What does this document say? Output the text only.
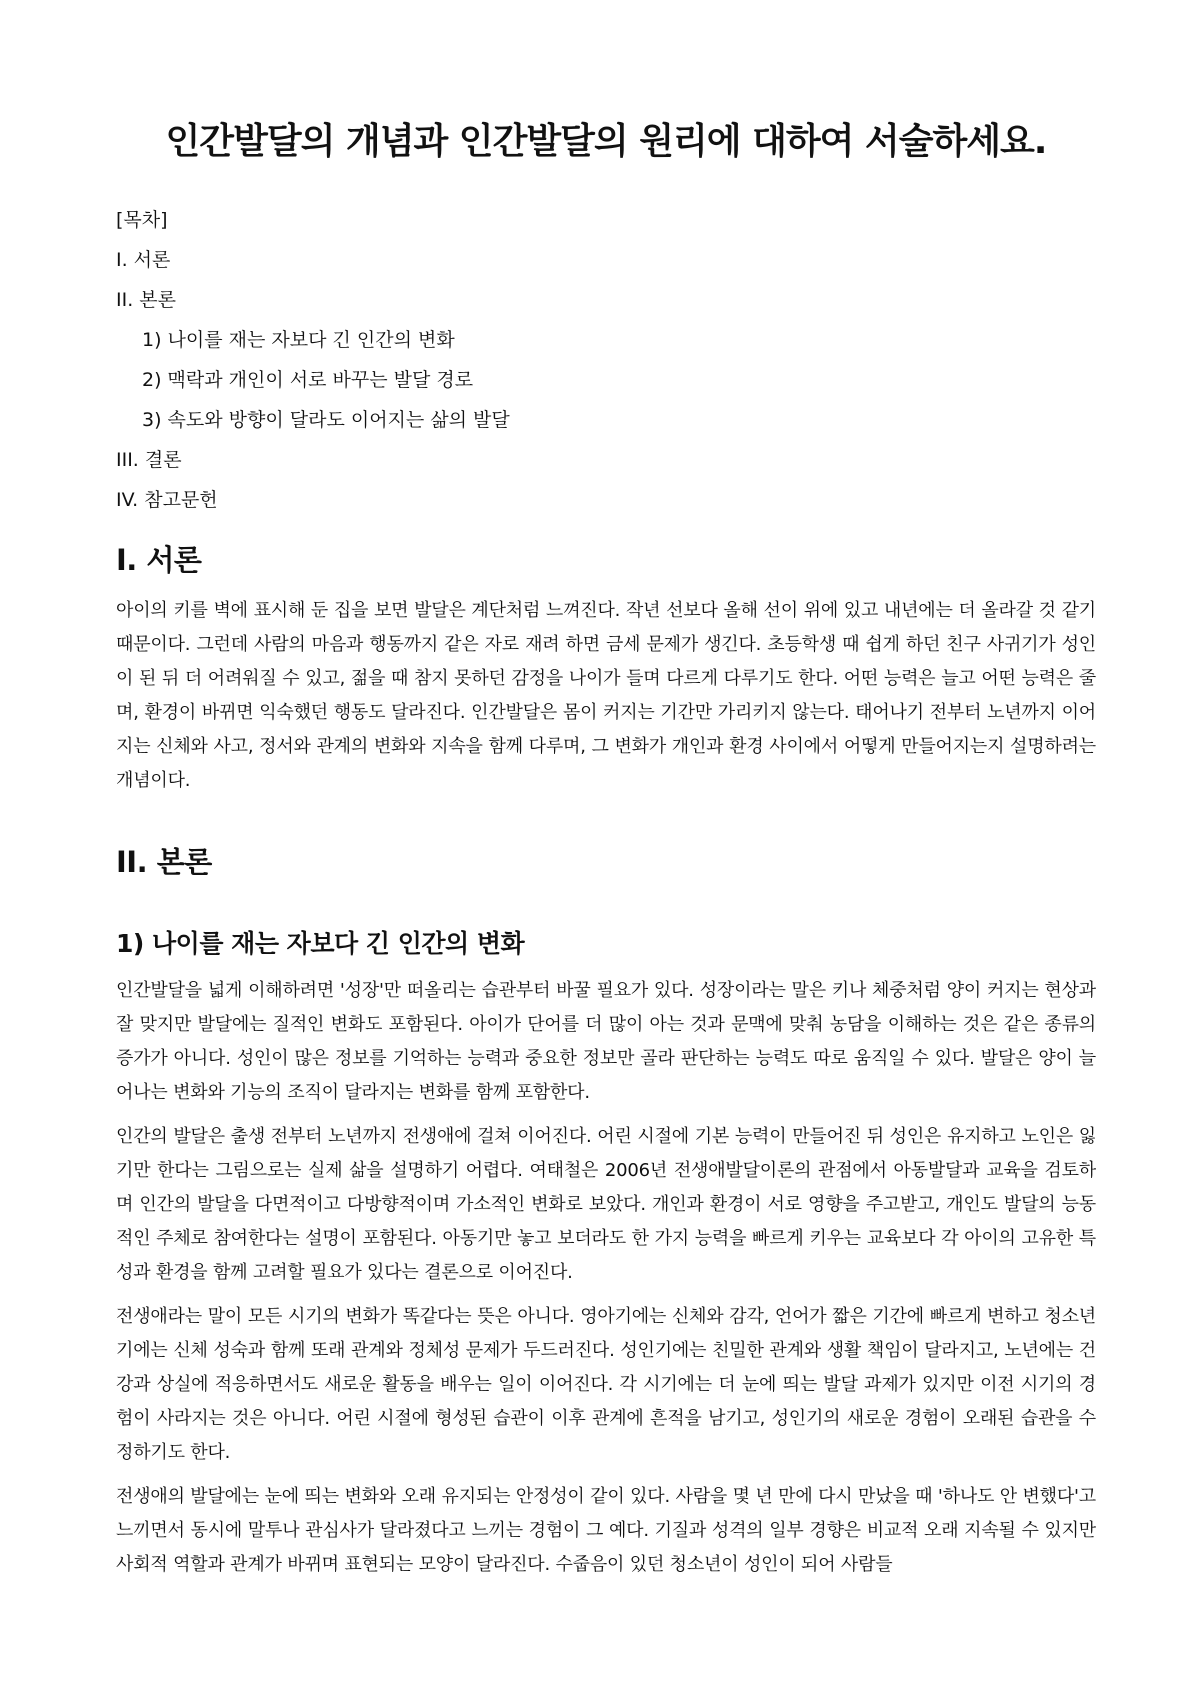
인간발달의 개념과 인간발달의 원리에 대하여 서술하세요.
[목차]
I. 서론
II. 본론
1) 나이를 재는 자보다 긴 인간의 변화
2) 맥락과 개인이 서로 바꾸는 발달 경로
3) 속도와 방향이 달라도 이어지는 삶의 발달
III. 결론
IV. 참고문헌
I. 서론

아이의 키를 벽에 표시해 둔 집을 보면 발달은 계단처럼 느껴진다. 작년 선보다 올해 선이 위에 있고 내년에는 더 올라갈 것 같기 때문이다. 그런데 사람의 마음과 행동까지 같은 자로 재려 하면 금세 문제가 생긴다. 초등학생 때 쉽게 하던 친구 사귀기가 성인이 된 뒤 더 어려워질 수 있고, 젊을 때 참지 못하던 감정을 나이가 들며 다르게 다루기도 한다. 어떤 능력은 늘고 어떤 능력은 줄며, 환경이 바뀌면 익숙했던 행동도 달라진다. 인간발달은 몸이 커지는 기간만 가리키지 않는다. 태어나기 전부터 노년까지 이어지는 신체와 사고, 정서와 관계의 변화와 지속을 함께 다루며, 그 변화가 개인과 환경 사이에서 어떻게 만들어지는지 설명하려는 개념이다.

II. 본론
1) 나이를 재는 자보다 긴 인간의 변화

인간발달을 넓게 이해하려면 '성장'만 떠올리는 습관부터 바꿀 필요가 있다. 성장이라는 말은 키나 체중처럼 양이 커지는 현상과 잘 맞지만 발달에는 질적인 변화도 포함된다. 아이가 단어를 더 많이 아는 것과 문맥에 맞춰 농담을 이해하는 것은 같은 종류의 증가가 아니다. 성인이 많은 정보를 기억하는 능력과 중요한 정보만 골라 판단하는 능력도 따로 움직일 수 있다. 발달은 양이 늘어나는 변화와 기능의 조직이 달라지는 변화를 함께 포함한다.

인간의 발달은 출생 전부터 노년까지 전생애에 걸쳐 이어진다. 어린 시절에 기본 능력이 만들어진 뒤 성인은 유지하고 노인은 잃기만 한다는 그림으로는 실제 삶을 설명하기 어렵다. 여태철은 2006년 전생애발달이론의 관점에서 아동발달과 교육을 검토하며 인간의 발달을 다면적이고 다방향적이며 가소적인 변화로 보았다. 개인과 환경이 서로 영향을 주고받고, 개인도 발달의 능동적인 주체로 참여한다는 설명이 포함된다. 아동기만 놓고 보더라도 한 가지 능력을 빠르게 키우는 교육보다 각 아이의 고유한 특성과 환경을 함께 고려할 필요가 있다는 결론으로 이어진다.

전생애라는 말이 모든 시기의 변화가 똑같다는 뜻은 아니다. 영아기에는 신체와 감각, 언어가 짧은 기간에 빠르게 변하고 청소년기에는 신체 성숙과 함께 또래 관계와 정체성 문제가 두드러진다. 성인기에는 친밀한 관계와 생활 책임이 달라지고, 노년에는 건강과 상실에 적응하면서도 새로운 활동을 배우는 일이 이어진다. 각 시기에는 더 눈에 띄는 발달 과제가 있지만 이전 시기의 경험이 사라지는 것은 아니다. 어린 시절에 형성된 습관이 이후 관계에 흔적을 남기고, 성인기의 새로운 경험이 오래된 습관을 수정하기도 한다.

전생애의 발달에는 눈에 띄는 변화와 오래 유지되는 안정성이 같이 있다. 사람을 몇 년 만에 다시 만났을 때 '하나도 안 변했다'고 느끼면서 동시에 말투나 관심사가 달라졌다고 느끼는 경험이 그 예다. 기질과 성격의 일부 경향은 비교적 오래 지속될 수 있지만 사회적 역할과 관계가 바뀌며 표현되는 모양이 달라진다. 수줍음이 있던 청소년이 성인이 되어 사람들
